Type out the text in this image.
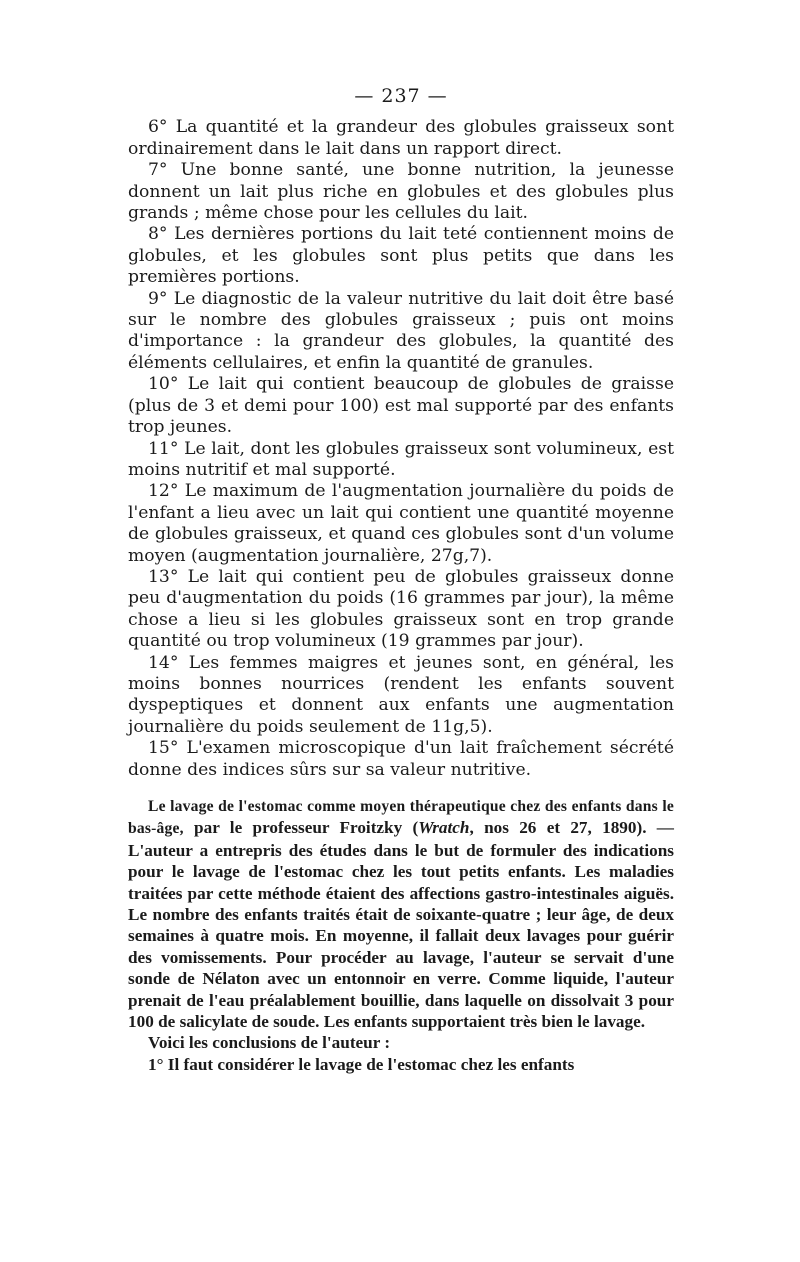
— 237 —

6° La quantité et la grandeur des globules graisseux sont ordinairement dans le lait dans un rapport direct.

7° Une bonne santé, une bonne nutrition, la jeunesse donnent un lait plus riche en globules et des globules plus grands ; même chose pour les cellules du lait.

8° Les dernières portions du lait teté contiennent moins de globules, et les globules sont plus petits que dans les premières portions.

9° Le diagnostic de la valeur nutritive du lait doit être basé sur le nombre des globules graisseux ; puis ont moins d'importance : la grandeur des globules, la quantité des éléments cellulaires, et enfin la quantité de granules.

10° Le lait qui contient beaucoup de globules de graisse (plus de 3 et demi pour 100) est mal supporté par des enfants trop jeunes.

11° Le lait, dont les globules graisseux sont volumineux, est moins nutritif et mal supporté.

12° Le maximum de l'augmentation journalière du poids de l'enfant a lieu avec un lait qui contient une quantité moyenne de globules graisseux, et quand ces globules sont d'un volume moyen (augmentation journalière, 27g,7).

13° Le lait qui contient peu de globules graisseux donne peu d'augmentation du poids (16 grammes par jour), la même chose a lieu si les globules graisseux sont en trop grande quantité ou trop volumineux (19 grammes par jour).

14° Les femmes maigres et jeunes sont, en général, les moins bonnes nourrices (rendent les enfants souvent dyspeptiques et donnent aux enfants une augmentation journalière du poids seulement de 11g,5).

15° L'examen microscopique d'un lait fraîchement sécrété donne des indices sûrs sur sa valeur nutritive.

Le lavage de l'estomac comme moyen thérapeutique chez des enfants dans le bas-âge, par le professeur Froitzky (Wratch, nos 26 et 27, 1890). — L'auteur a entrepris des études dans le but de formuler des indications pour le lavage de l'estomac chez les tout petits enfants. Les maladies traitées par cette méthode étaient des affections gastro-intestinales aiguës. Le nombre des enfants traités était de soixante-quatre ; leur âge, de deux semaines à quatre mois. En moyenne, il fallait deux lavages pour guérir des vomissements. Pour procéder au lavage, l'auteur se servait d'une sonde de Nélaton avec un entonnoir en verre. Comme liquide, l'auteur prenait de l'eau préalablement bouillie, dans laquelle on dissolvait 3 pour 100 de salicylate de soude. Les enfants supportaient très bien le lavage.

Voici les conclusions de l'auteur :

1° Il faut considérer le lavage de l'estomac chez les enfants
